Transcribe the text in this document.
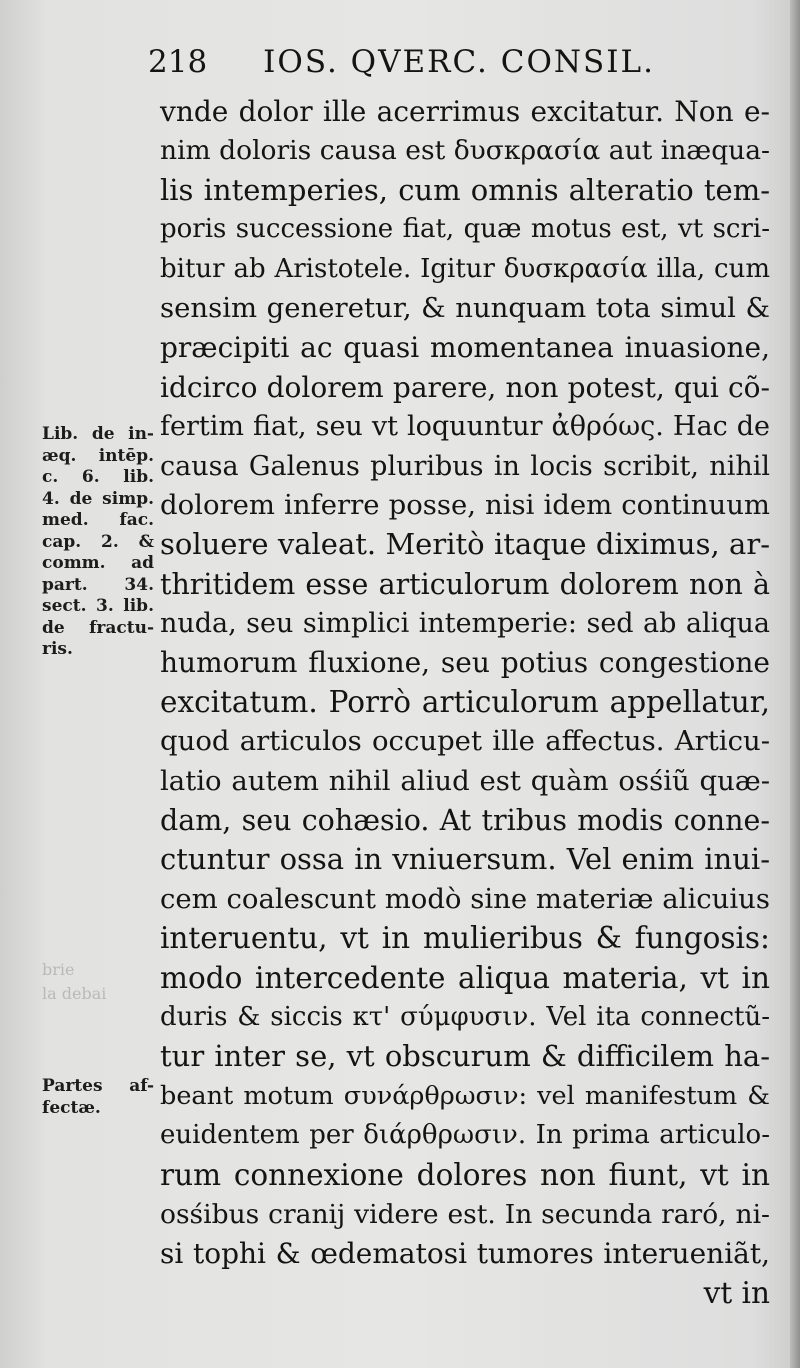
218 IOS. QVERC. CONSIL.
brie
la debai
Lib. de in-
æq. intēp.
c. 6. lib.
4. de simp.
med. fac.
cap. 2. &
comm. ad
part. 34.
sect. 3. lib.
de fractu-
ris.
Partes af-
fectæ.
vnde dolor ille acerrimus excitatur. Non e-
nim doloris causa est δυσκρασία aut inæqua-
lis intemperies, cum omnis alteratio tem-
poris successione fiat, quæ motus est, vt scri-
bitur ab Aristotele. Igitur δυσκρασία illa, cum
sensim generetur, & nunquam tota simul &
præcipiti ac quasi momentanea inuasione,
idcirco dolorem parere, non potest, qui cõ-
fertim fiat, seu vt loquuntur ἀθρόως. Hac de
causa Galenus pluribus in locis scribit, nihil
dolorem inferre posse, nisi idem continuum
soluere valeat. Meritò itaque diximus, ar-
thritidem esse articulorum dolorem non à
nuda, seu simplici intemperie: sed ab aliqua
humorum fluxione, seu potius congestione
excitatum. Porrò articulorum appellatur,
quod articulos occupet ille affectus. Articu-
latio autem nihil aliud est quàm osśiũ quæ-
dam, seu cohæsio. At tribus modis conne-
ctuntur ossa in vniuersum. Vel enim inui-
cem coalescunt modò sine materiæ alicuius
interuentu, vt in mulieribus & fungosis:
modo intercedente aliqua materia, vt in
duris & siccis κτ' σύμφυσιν. Vel ita connectũ-
tur inter se, vt obscurum & difficilem ha-
beant motum συνάρθρωσιν: vel manifestum &
euidentem per διάρθρωσιν. In prima articulo-
rum connexione dolores non fiunt, vt in
osśibus cranij videre est. In secunda raró, ni-
si tophi & œdematosi tumores interueniãt,
vt in
